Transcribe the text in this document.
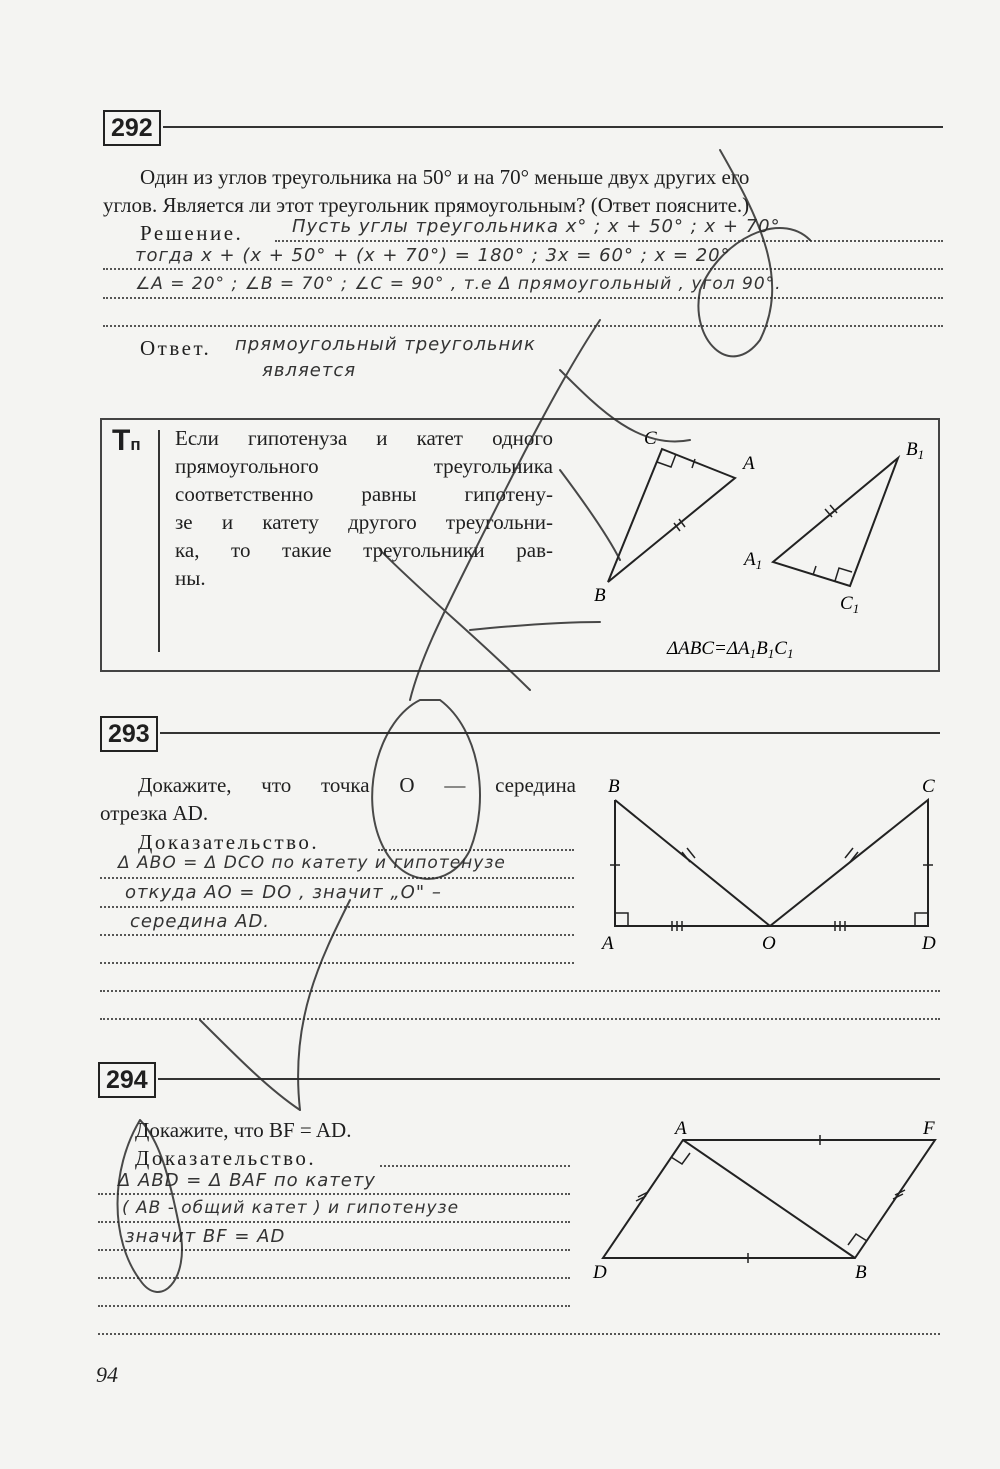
292
Один из углов треугольника на 50° и на 70° меньше двух других его
углов. Является ли этот треугольник прямоугольным? (Ответ поясните.)
Решение.	Пусть углы треугольника x° ; x + 50° ; x + 70°
тогда x + (x + 50° + (x + 70°) = 180° ; 3x = 60° ; x = 20°
∠A = 20° ; ∠B = 70° ; ∠C = 90° , т.е Δ прямоугольный , угол 90°.
Ответ. прямоугольный треугольник
является
Тп Если гипотенуза и катет одного
прямоугольного треугольника
соответственно равны гипотену-
зе и катету другого треугольни-
ка, то такие треугольники рав-
ны.
C
A
B
$B_1$
$A_1$
$C_1$
$\Delta ABC=\Delta A_1B_1C_1$
293
Докажите, что точка O — середина
отрезка AD.
Доказательство.
Δ ABO = Δ DCO по катету и гипотенузе
откуда AO = DO , значит „O" –
середина AD.
B	C
A	O	D
294
Докажите, что BF = AD.
Доказательство.
Δ ABD = Δ BAF по катету
( AB - общий катет ) и гипотенузе
значит BF = AD
A	F
D	B
94
